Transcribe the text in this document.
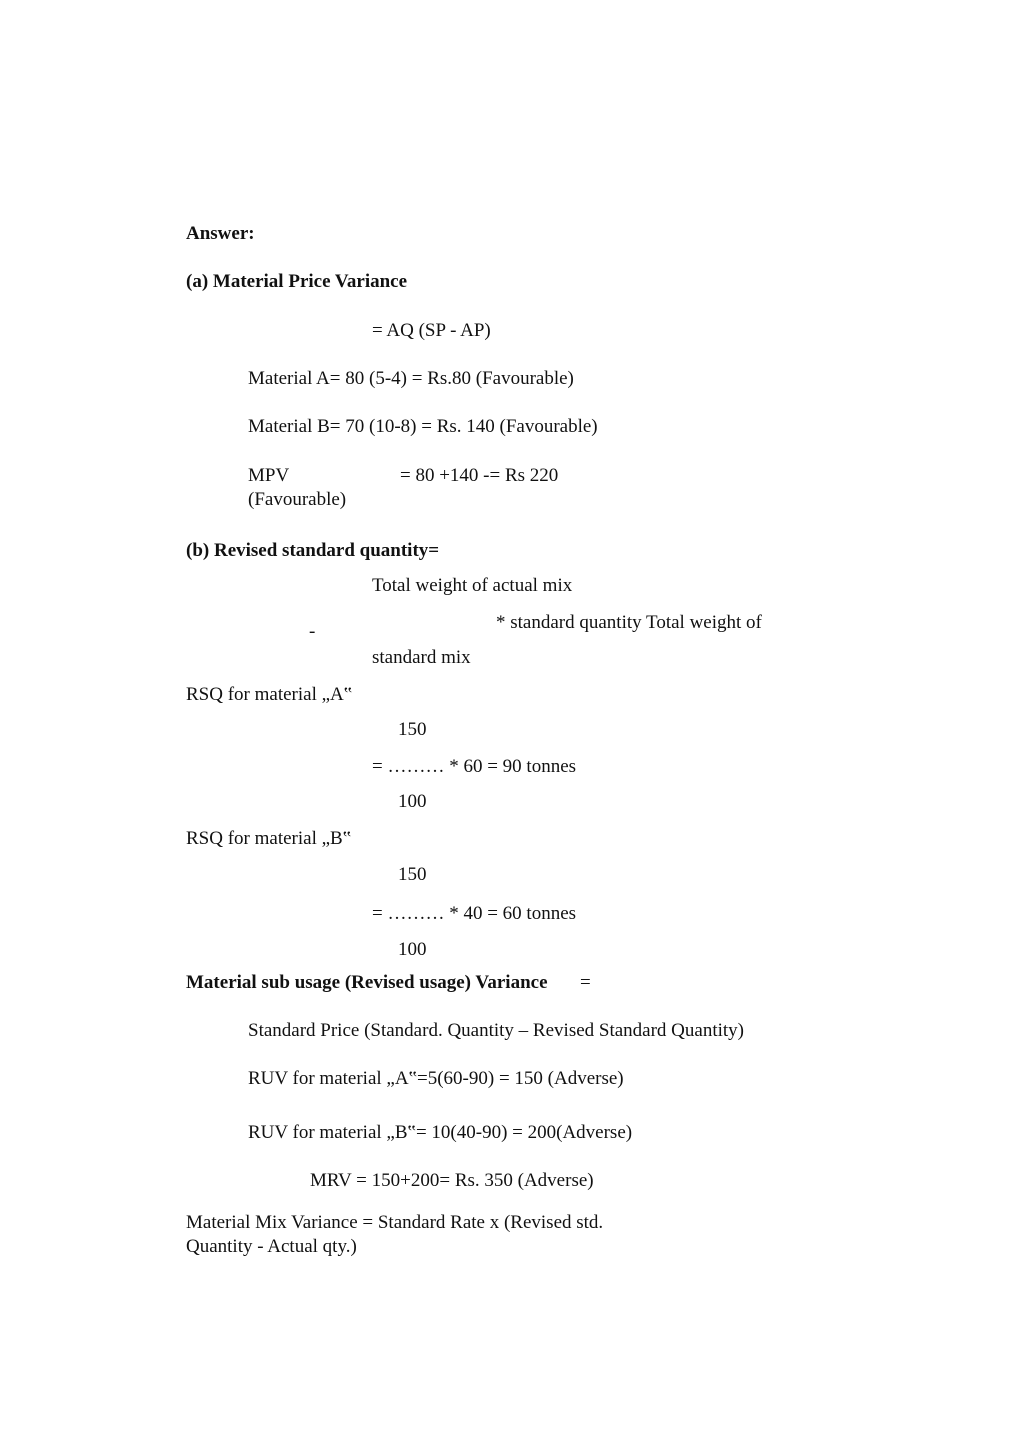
Answer:
(a) Material Price Variance
= AQ (SP - AP)
Material A= 80 (5-4) = Rs.80 (Favourable)
Material B= 70 (10-8) = Rs. 140 (Favourable)
MPV	= 80 +140 -= Rs 220
(Favourable)
(b) Revised standard quantity=
Total weight of actual mix
-	* standard quantity Total weight of
standard mix
RSQ for material „A‟
150
= ……… * 60 = 90 tonnes
100
RSQ for material „B‟
150
= ……… * 40 = 60 tonnes
100
Material sub usage (Revised usage) Variance =
Standard Price (Standard. Quantity – Revised Standard Quantity)
RUV for material „A‟=5(60-90) = 150 (Adverse)
RUV for material „B‟= 10(40-90) = 200(Adverse)
MRV = 150+200= Rs. 350 (Adverse)
Material Mix Variance = Standard Rate x (Revised std.
Quantity - Actual qty.)
